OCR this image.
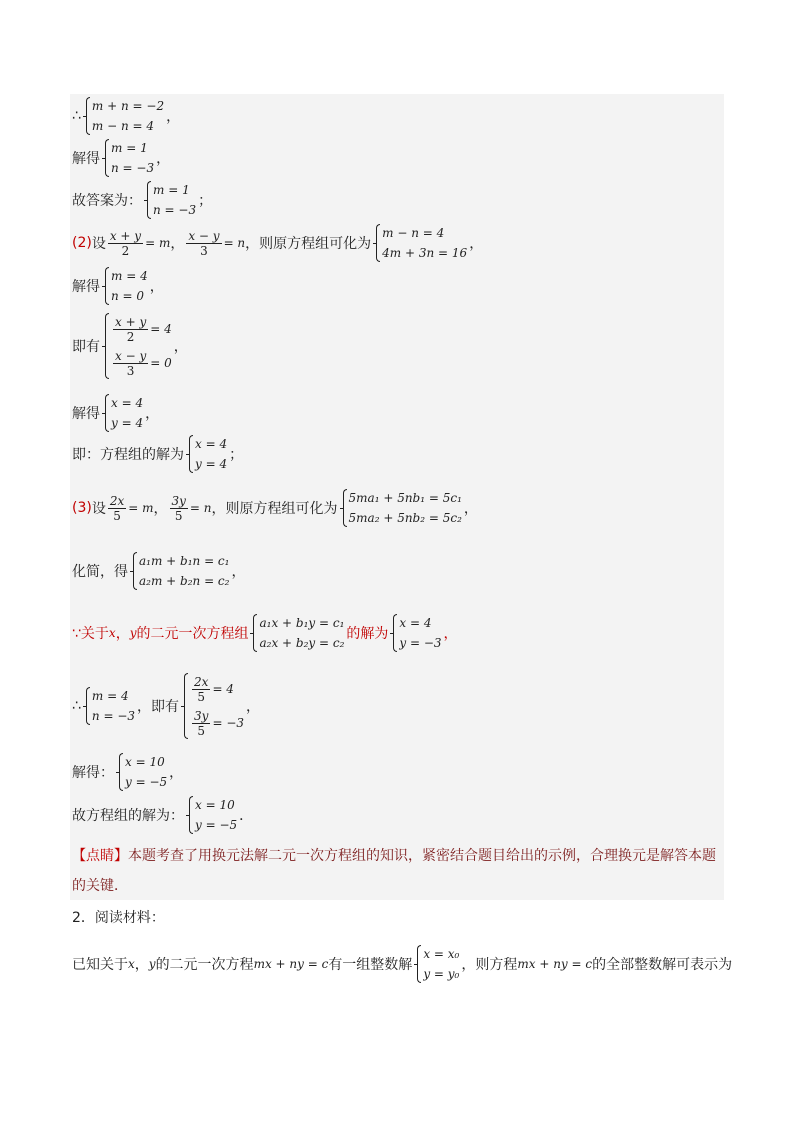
∴
m + n = −2
m − n = 4
，
解得
m = 1
n = −3
，
故答案为：
m = 1
n = −3
；
(2) 设 $\frac{x + y}{2} = m$ ， $\frac{x - y}{3} = n$ ，则原方程组可化为
m − n = 4
4m + 3n = 16
，
解得
m = 4
n = 0
，
即有
$\frac{x + y}{2} = 4$
$\frac{x - y}{3} = 0$
，
解得
x = 4
y = 4
，
即：方程组的解为
x = 4
y = 4
；
(3) 设 $\frac{2x}{5} = m$ ， $\frac{3y}{5} = n$ ，则原方程组可化为
5ma₁ + 5nb₁ = 5c₁
5ma₂ + 5nb₂ = 5c₂
，
化简，得
a₁m + b₁n = c₁
a₂m + b₂n = c₂
，
∵关于 x ， y 的二元一次方程组
a₁x + b₁y = c₁
a₂x + b₂y = c₂
的解为
x = 4
y = −3
，
∴
m = 4
n = −3
，即有
$\frac{2x}{5} = 4$
$\frac{3y}{5} = -3$
，
解得：
x = 10
y = −5
，
故方程组的解为：
x = 10
y = −5
．
【点睛】 本题考查了用换元法解二元一次方程组的知识，紧密结合题目给出的示例，合理换元是解答本题
的关键．
2．阅读材料：
已知关于 x ， y 的二元一次方程 mx + ny = c 有一组整数解
x = x₀
y = y₀
，则方程 mx + ny = c 的全部整数解可表示为
